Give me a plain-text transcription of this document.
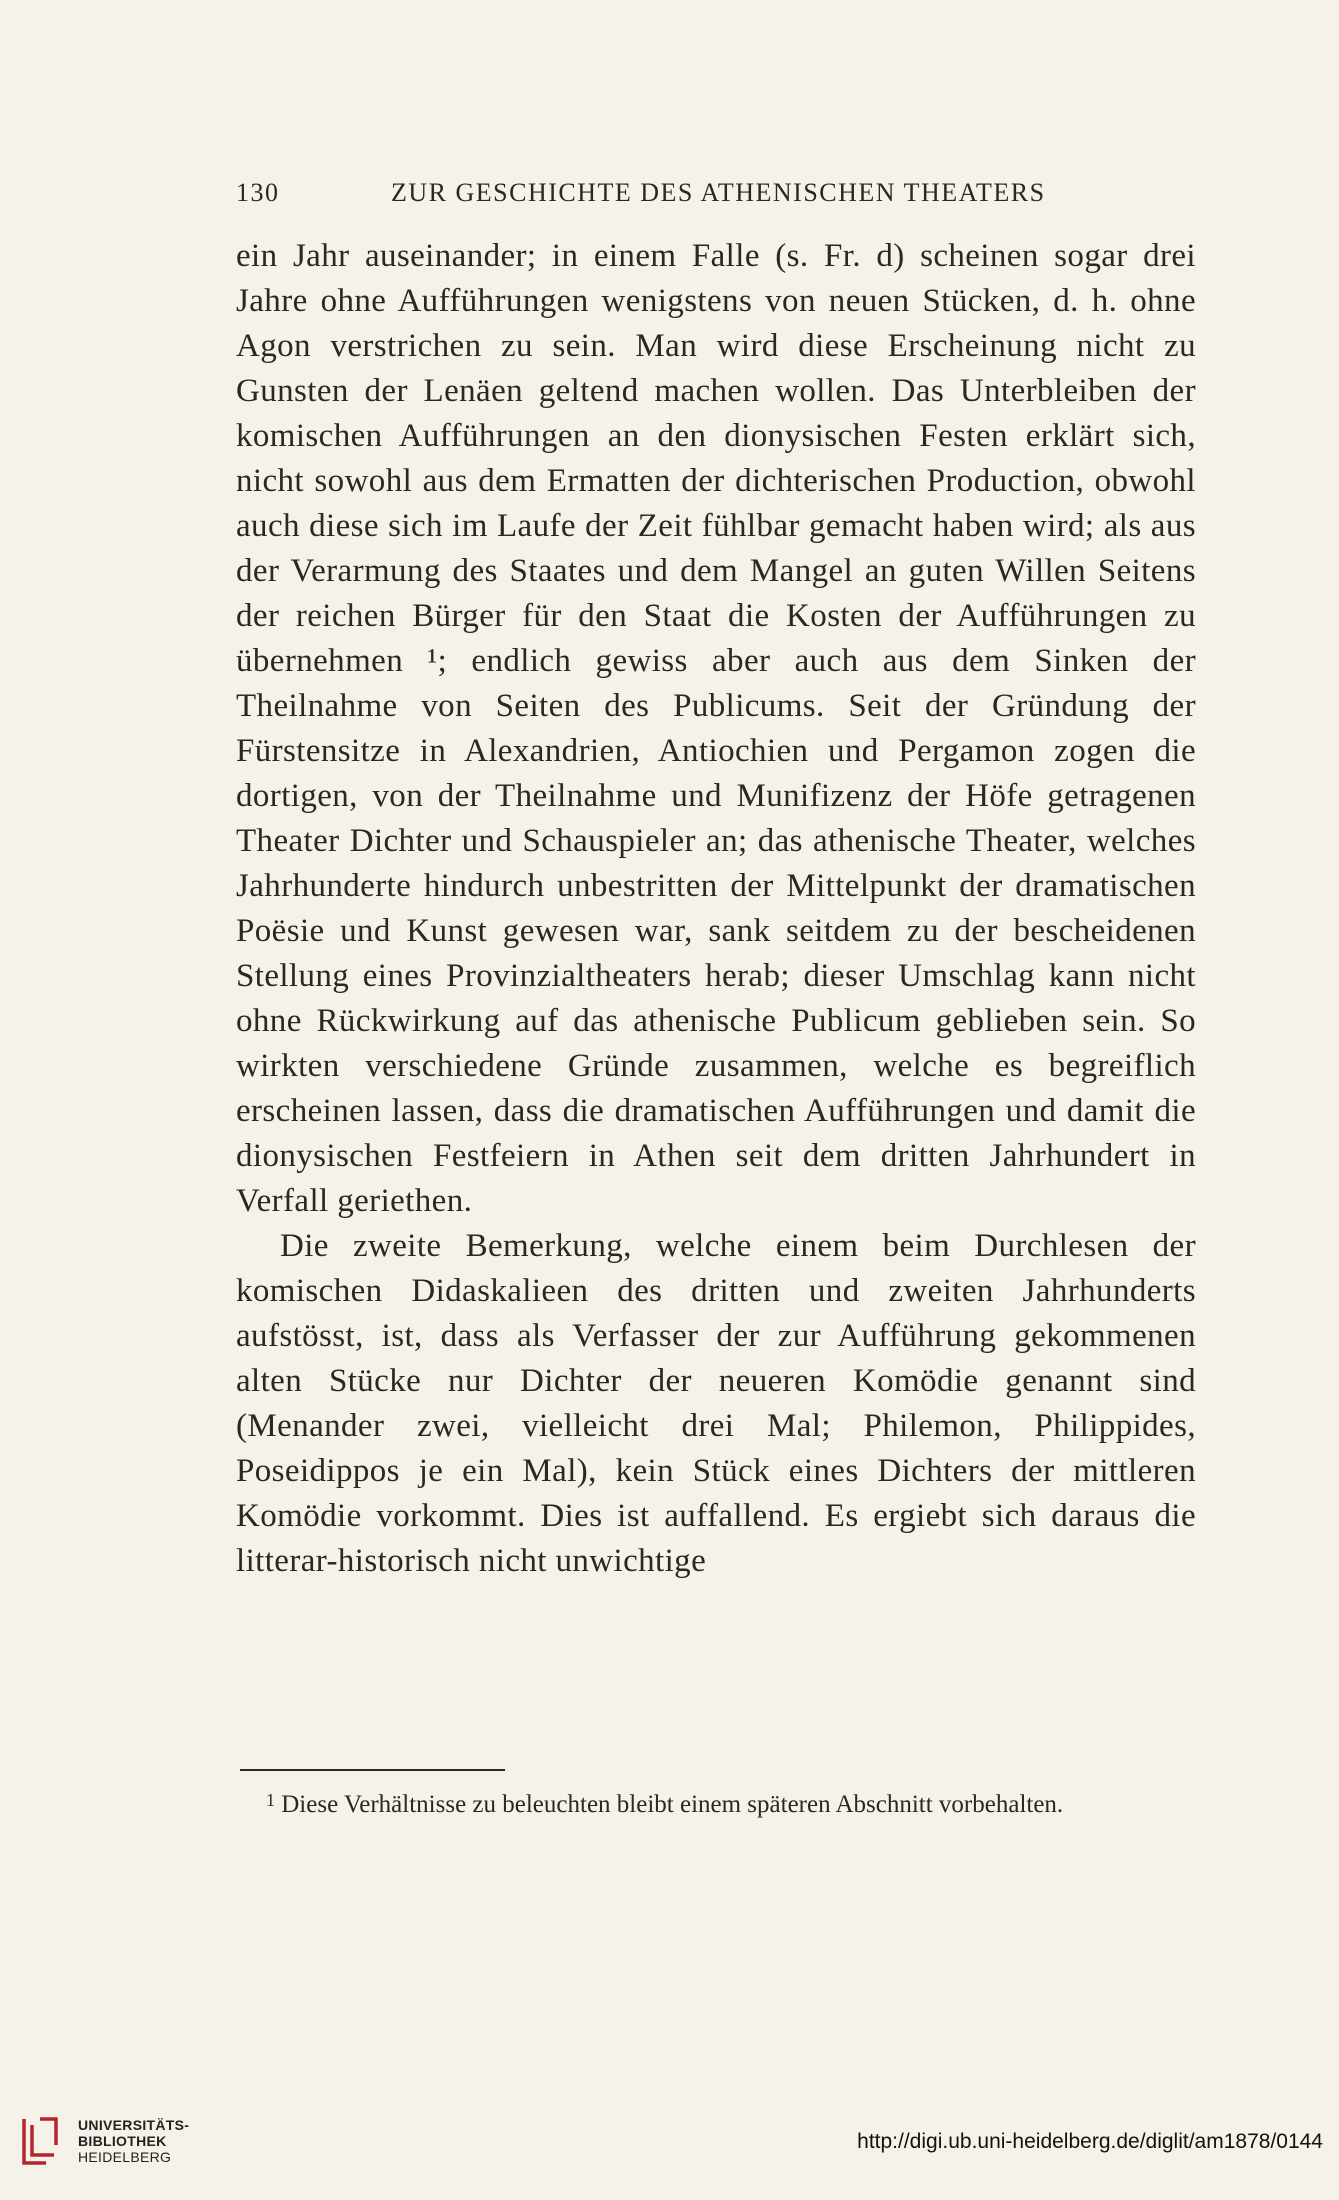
130	ZUR GESCHICHTE DES ATHENISCHEN THEATERS
ein Jahr auseinander; in einem Falle (s. Fr. d) scheinen sogar drei Jahre ohne Aufführungen wenigstens von neuen Stücken, d. h. ohne Agon verstrichen zu sein. Man wird diese Erscheinung nicht zu Gunsten der Lenäen geltend machen wollen. Das Unterbleiben der komischen Aufführungen an den dionysischen Festen erklärt sich, nicht sowohl aus dem Ermatten der dichterischen Production, obwohl auch diese sich im Laufe der Zeit fühlbar gemacht haben wird; als aus der Verarmung des Staates und dem Mangel an guten Willen Seitens der reichen Bürger für den Staat die Kosten der Aufführungen zu übernehmen ¹; endlich gewiss aber auch aus dem Sinken der Theilnahme von Seiten des Publicums. Seit der Gründung der Fürstensitze in Alexandrien, Antiochien und Pergamon zogen die dortigen, von der Theilnahme und Munifizenz der Höfe getragenen Theater Dichter und Schauspieler an; das athenische Theater, welches Jahrhunderte hindurch unbestritten der Mittelpunkt der dramatischen Poësie und Kunst gewesen war, sank seitdem zu der bescheidenen Stellung eines Provinzialtheaters herab; dieser Umschlag kann nicht ohne Rückwirkung auf das athenische Publicum geblieben sein. So wirkten verschiedene Gründe zusammen, welche es begreiflich erscheinen lassen, dass die dramatischen Aufführungen und damit die dionysischen Festfeiern in Athen seit dem dritten Jahrhundert in Verfall geriethen.
Die zweite Bemerkung, welche einem beim Durchlesen der komischen Didaskalieen des dritten und zweiten Jahrhunderts aufstösst, ist, dass als Verfasser der zur Aufführung gekommenen alten Stücke nur Dichter der neueren Komödie genannt sind (Menander zwei, vielleicht drei Mal; Philemon, Philippides, Poseidippos je ein Mal), kein Stück eines Dichters der mittleren Komödie vorkommt. Dies ist auffallend. Es ergiebt sich daraus die litterar-historisch nicht unwichtige
$^1$ Diese Verhältnisse zu beleuchten bleibt einem späteren Abschnitt vorbehalten.
UNIVERSITÄTS-
BIBLIOTHEK
HEIDELBERG
http://digi.ub.uni-heidelberg.de/diglit/am1878/0144
